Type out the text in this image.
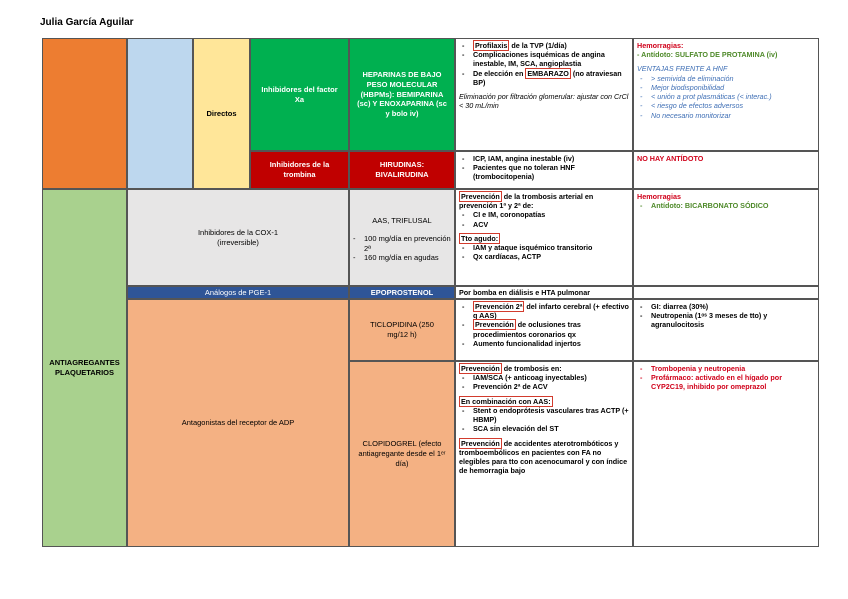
Julia García Aguilar
Directos
Inhibidores del factor Xa
HEPARINAS DE BAJO PESO MOLECULAR (HBPMs): BEMIPARINA (sc) Y ENOXAPARINA (sc y bolo iv)
- Profilaxis de la TVP (1/día)
- Complicaciones isquémicas de angina inestable, IM, SCA, angioplastia
- De elección en EMBARAZO (no atraviesan BP)
Eliminación por filtración glomerular: ajustar con CrCl < 30 mL/min
Hemorragias:
- Antídoto: SULFATO DE PROTAMINA (iv)
VENTAJAS FRENTE A HNF
- > semivida de eliminación
- Mejor biodisponibilidad
- < unión a prot plasmáticas (< interac.)
- < riesgo de efectos adversos
- No necesario monitorizar
Inhibidores de la trombina
HIRUDINAS: BIVALIRUDINA
- ICP, IAM, angina inestable (iv)
- Pacientes que no toleran HNF (trombocitopenia)
NO HAY ANTÍDOTO
ANTIAGREGANTES PLAQUETARIOS
Inhibidores de la COX-1 (irreversible)
AAS, TRIFLUSAL
- 100 mg/día en prevención 2ª
- 160 mg/día en agudas
Prevención de la trombosis arterial en prevención 1ª y 2ª de:
- CI e IM, coronopatías
- ACV
Tto agudo:
- IAM y ataque isquémico transitorio
- Qx cardíacas, ACTP
Hemorragias
- Antídoto: BICARBONATO SÓDICO
Análogos de PGE-1	EPOPROSTENOL	Por bomba en diálisis e HTA pulmonar
Antagonistas del receptor de ADP
TICLOPIDINA (250 mg/12 h)
- Prevención 2ª del infarto cerebral (+ efectivo q AAS)
- Prevención de oclusiones tras procedimientos coronarios qx
- Aumento funcionalidad injertos
- GI: diarrea (30%)
- Neutropenia (1ᵒˢ 3 meses de tto) y agranulocitosis
CLOPIDOGREL (efecto antiagregante desde el 1ᵉʳ día)
Prevención de trombosis en:
- IAM/SCA (+ anticoag inyectables)
- Prevención 2ª de ACV
En combinación con AAS:
- Stent o endoprótesis vasculares tras ACTP (+ HBMP)
- SCA sin elevación del ST
Prevención de accidentes aterotrombóticos y tromboembólicos en pacientes con FA no elegibles para tto con acenocumarol y con índice de hemorragia bajo
- Trombopenia y neutropenia
- Profármaco: activado en el hígado por CYP2C19, inhibido por omeprazol
